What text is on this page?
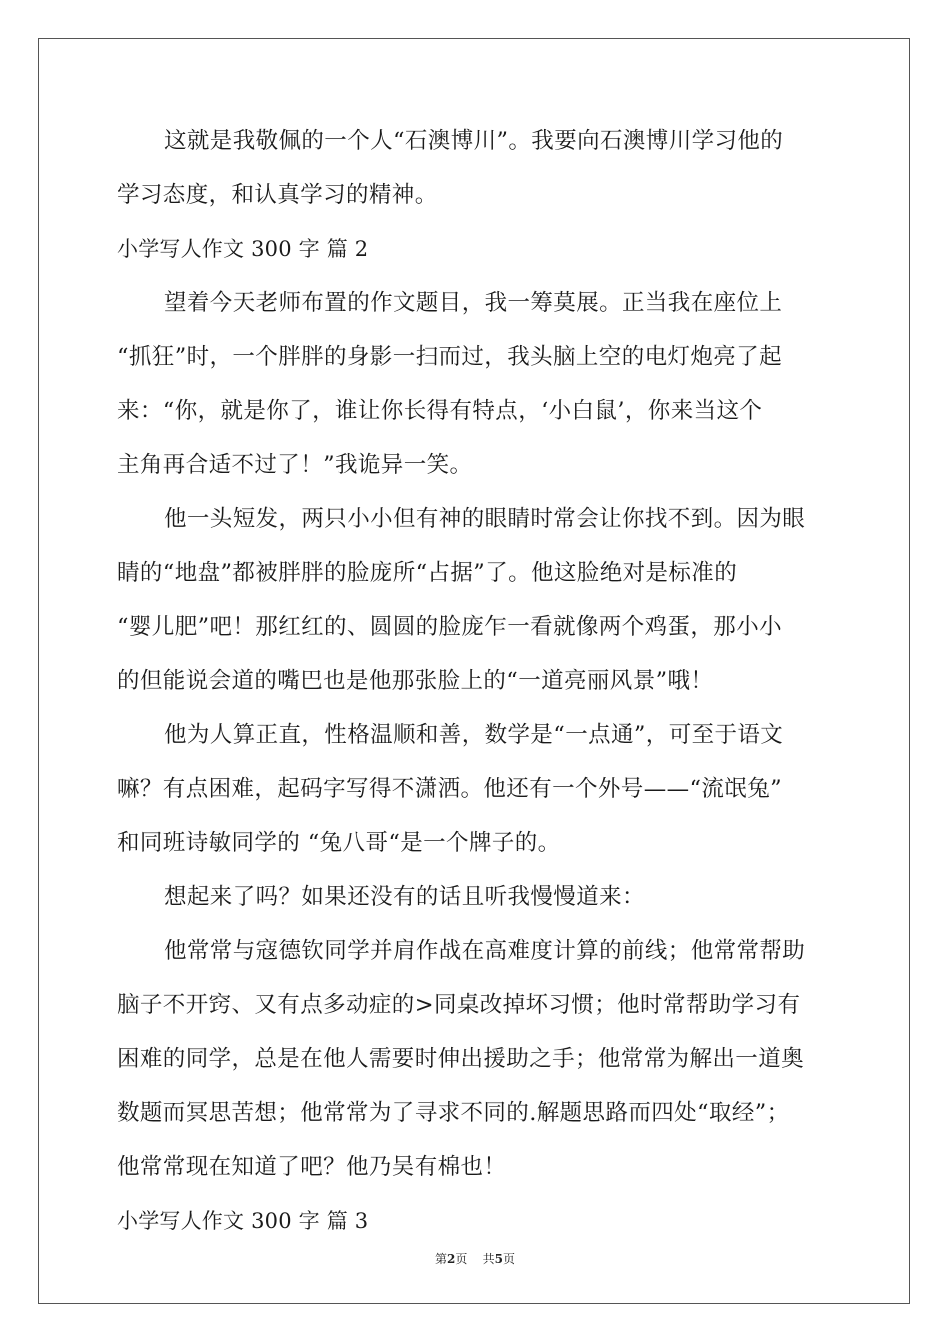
这就是我敬佩的一个人“石澳博川”。我要向石澳博川学习他的

学习态度，和认真学习的精神。

小学写人作文 300 字 篇 2

望着今天老师布置的作文题目，我一筹莫展。正当我在座位上

“抓狂”时，一个胖胖的身影一扫而过，我头脑上空的电灯炮亮了起

来：“你，就是你了，谁让你长得有特点，‘小白鼠’，你来当这个

主角再合适不过了！”我诡异一笑。

他一头短发，两只小小但有神的眼睛时常会让你找不到。因为眼

睛的“地盘”都被胖胖的脸庞所“占据”了。他这脸绝对是标准的

“婴儿肥”吧！那红红的、圆圆的脸庞乍一看就像两个鸡蛋，那小小

的但能说会道的嘴巴也是他那张脸上的“一道亮丽风景”哦！

他为人算正直，性格温顺和善，数学是“一点通”，可至于语文

嘛？有点困难，起码字写得不潇洒。他还有一个外号——“流氓兔”

和同班诗敏同学的 “兔八哥“是一个牌子的。

想起来了吗？如果还没有的话且听我慢慢道来：

他常常与寇德钦同学并肩作战在高难度计算的前线；他常常帮助

脑子不开窍、又有点多动症的>同桌改掉坏习惯；他时常帮助学习有

困难的同学，总是在他人需要时伸出援助之手；他常常为解出一道奥

数题而冥思苦想；他常常为了寻求不同的.解题思路而四处“取经”；

他常常现在知道了吧？他乃吴有棉也！

小学写人作文 300 字 篇 3

第2页 共5页
